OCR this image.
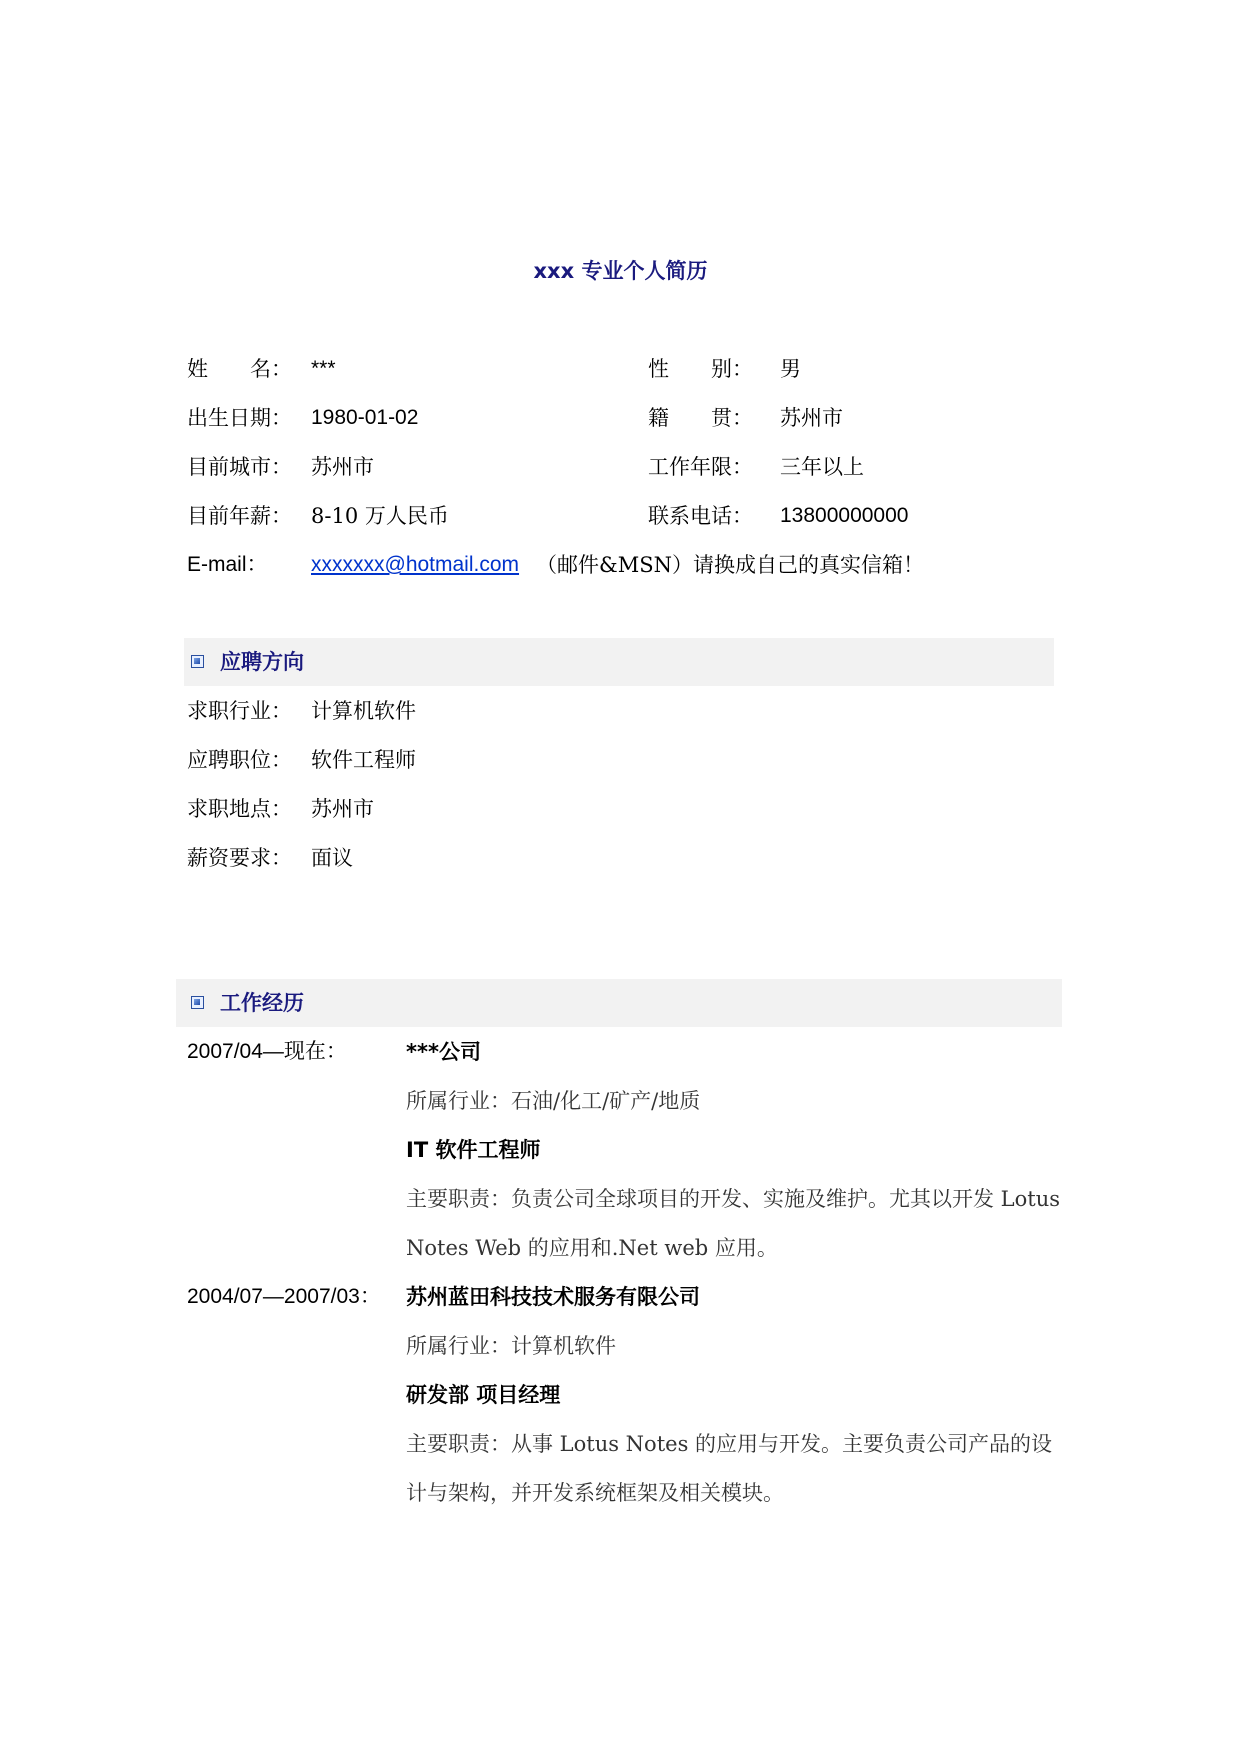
xxx 专业个人简历
姓　　名： ***	性　　别： 男
出生日期： 1980-01-02	籍　　贯： 苏州市
目前城市： 苏州市	工作年限： 三年以上
目前年薪： 8-10 万人民币	联系电话： 13800000000
E-mail： xxxxxxx@hotmail.com （邮件&MSN）请换成自己的真实信箱！
应聘方向
求职行业： 计算机软件
应聘职位： 软件工程师
求职地点： 苏州市
薪资要求： 面议
工作经历
2007/04—现在：	***公司
所属行业：石油/化工/矿产/地质
IT 软件工程师
主要职责：负责公司全球项目的开发、实施及维护。尤其以开发 Lotus
Notes Web 的应用和.Net web 应用。
2004/07—2007/03： 苏州蓝田科技技术服务有限公司
所属行业：计算机软件
研发部 项目经理
主要职责：从事 Lotus Notes 的应用与开发。主要负责公司产品的设
计与架构，并开发系统框架及相关模块。
